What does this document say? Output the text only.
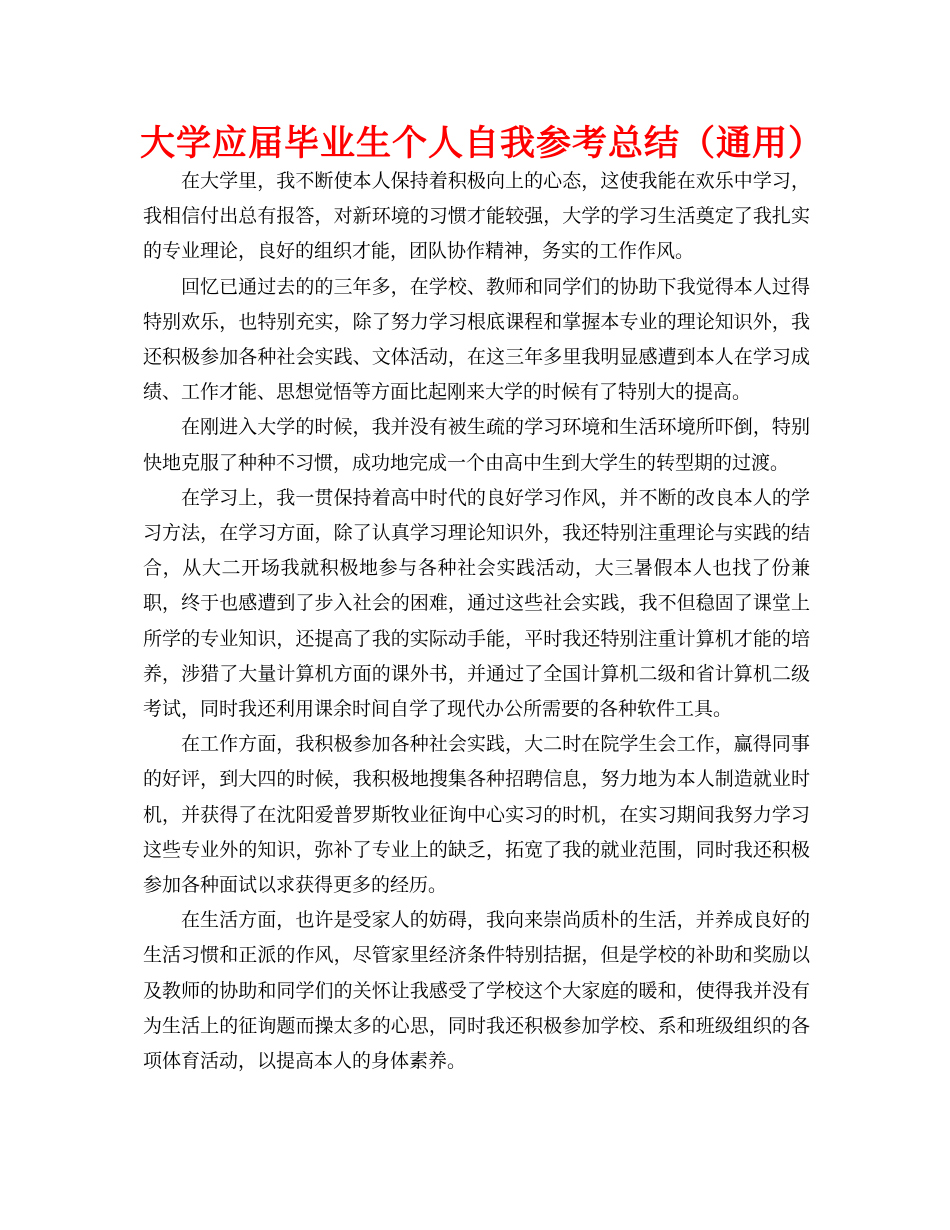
大学应届毕业生个人自我参考总结（通用）

在大学里，我不断使本人保持着积极向上的心态，这使我能在欢乐中学习，我相信付出总有报答，对新环境的习惯才能较强，大学的学习生活奠定了我扎实的专业理论，良好的组织才能，团队协作精神，务实的工作作风。

回忆已通过去的的三年多，在学校、教师和同学们的协助下我觉得本人过得特别欢乐，也特别充实，除了努力学习根底课程和掌握本专业的理论知识外，我还积极参加各种社会实践、文体活动，在这三年多里我明显感遭到本人在学习成绩、工作才能、思想觉悟等方面比起刚来大学的时候有了特别大的提高。

在刚进入大学的时候，我并没有被生疏的学习环境和生活环境所吓倒，特别快地克服了种种不习惯，成功地完成一个由高中生到大学生的转型期的过渡。

在学习上，我一贯保持着高中时代的良好学习作风，并不断的改良本人的学习方法，在学习方面，除了认真学习理论知识外，我还特别注重理论与实践的结合，从大二开场我就积极地参与各种社会实践活动，大三暑假本人也找了份兼职，终于也感遭到了步入社会的困难，通过这些社会实践，我不但稳固了课堂上所学的专业知识，还提高了我的实际动手能，平时我还特别注重计算机才能的培养，涉猎了大量计算机方面的课外书，并通过了全国计算机二级和省计算机二级考试，同时我还利用课余时间自学了现代办公所需要的各种软件工具。

在工作方面，我积极参加各种社会实践，大二时在院学生会工作，赢得同事的好评，到大四的时候，我积极地搜集各种招聘信息，努力地为本人制造就业时机，并获得了在沈阳爱普罗斯牧业征询中心实习的时机，在实习期间我努力学习这些专业外的知识，弥补了专业上的缺乏，拓宽了我的就业范围，同时我还积极参加各种面试以求获得更多的经历。

在生活方面，也许是受家人的妨碍，我向来崇尚质朴的生活，并养成良好的生活习惯和正派的作风，尽管家里经济条件特别拮据，但是学校的补助和奖励以及教师的协助和同学们的关怀让我感受了学校这个大家庭的暖和，使得我并没有为生活上的征询题而操太多的心思，同时我还积极参加学校、系和班级组织的各项体育活动，以提高本人的身体素养。
